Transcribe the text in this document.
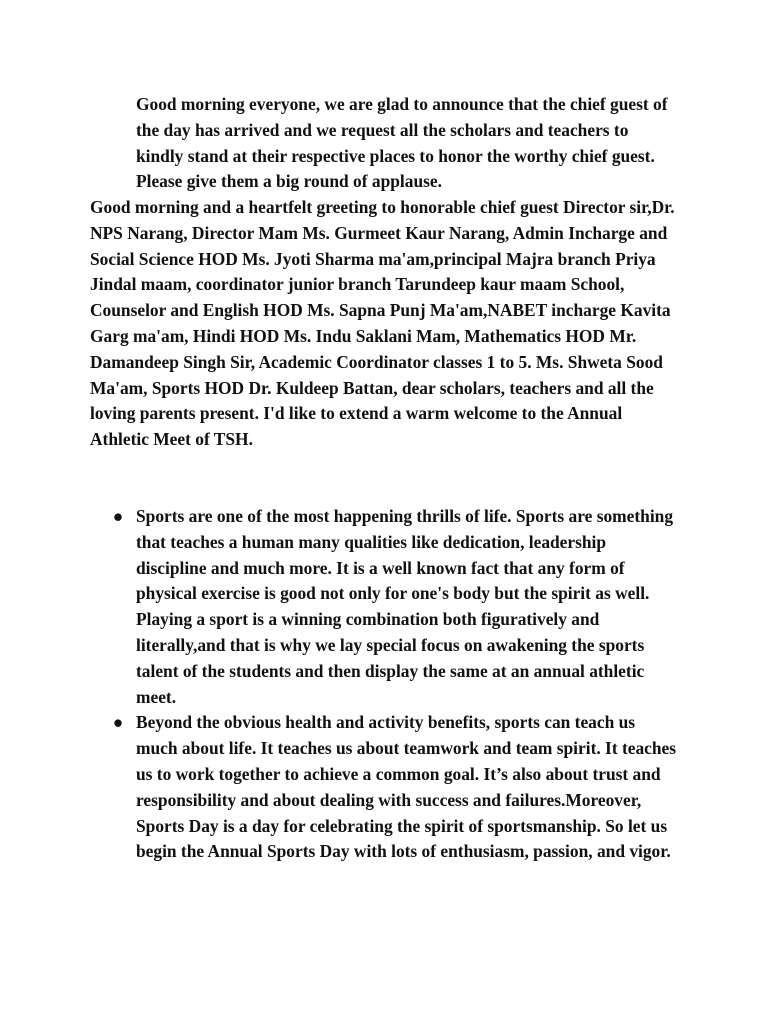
Good morning everyone, we are glad to announce that the chief guest of the day has arrived and we request all the scholars and teachers to kindly stand at their respective places to honor the worthy chief guest. Please give them a big round of applause.

Good morning and a heartfelt greeting to honorable chief guest Director sir,Dr. NPS Narang, Director Mam Ms. Gurmeet Kaur Narang, Admin Incharge and Social Science HOD Ms. Jyoti Sharma ma'am,principal Majra branch Priya Jindal maam, coordinator junior branch Tarundeep kaur maam School, Counselor and English HOD Ms. Sapna Punj Ma'am,NABET incharge Kavita Garg ma'am, Hindi HOD Ms. Indu Saklani Mam, Mathematics HOD Mr. Damandeep Singh Sir, Academic Coordinator classes 1 to 5. Ms. Shweta Sood Ma'am, Sports HOD Dr. Kuldeep Battan, dear scholars, teachers and all the loving parents present. I'd like to extend a warm welcome to the Annual Athletic Meet of TSH.

● Sports are one of the most happening thrills of life. Sports are something that teaches a human many qualities like dedication, leadership discipline and much more. It is a well known fact that any form of physical exercise is good not only for one's body but the spirit as well. Playing a sport is a winning combination both figuratively and literally,and that is why we lay special focus on awakening the sports talent of the students and then display the same at an annual athletic meet.
● Beyond the obvious health and activity benefits, sports can teach us much about life. It teaches us about teamwork and team spirit. It teaches us to work together to achieve a common goal. It’s also about trust and responsibility and about dealing with success and failures.Moreover, Sports Day is a day for celebrating the spirit of sportsmanship. So let us begin the Annual Sports Day with lots of enthusiasm, passion, and vigor.
